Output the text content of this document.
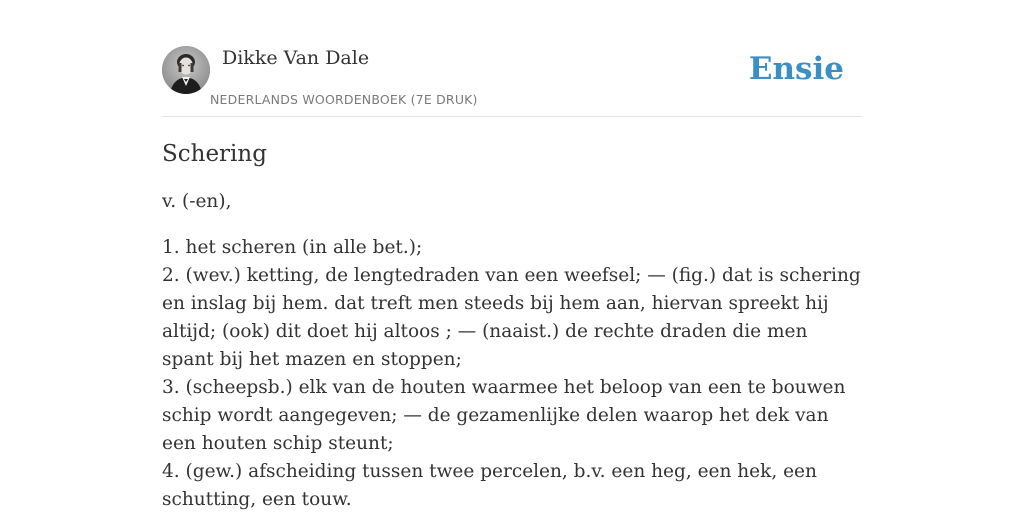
Dikke Van Dale
NEDERLANDS WOORDENBOEK (7E DRUK)
Ensie
Schering

v. (-en),

1. het scheren (in alle bet.);
2. (wev.) ketting, de lengtedraden van een weefsel; — (fig.) dat is schering en inslag bij hem. dat treft men steeds bij hem aan, hiervan spreekt hij altijd; (ook) dit doet hij altoos ; — (naaist.) de rechte draden die men spant bij het mazen en stoppen;
3. (scheepsb.) elk van de houten waarmee het beloop van een te bouwen schip wordt aangegeven; — de gezamenlijke delen waarop het dek van een houten schip steunt;
4. (gew.) afscheiding tussen twee percelen, b.v. een heg, een hek, een schutting, een touw.
